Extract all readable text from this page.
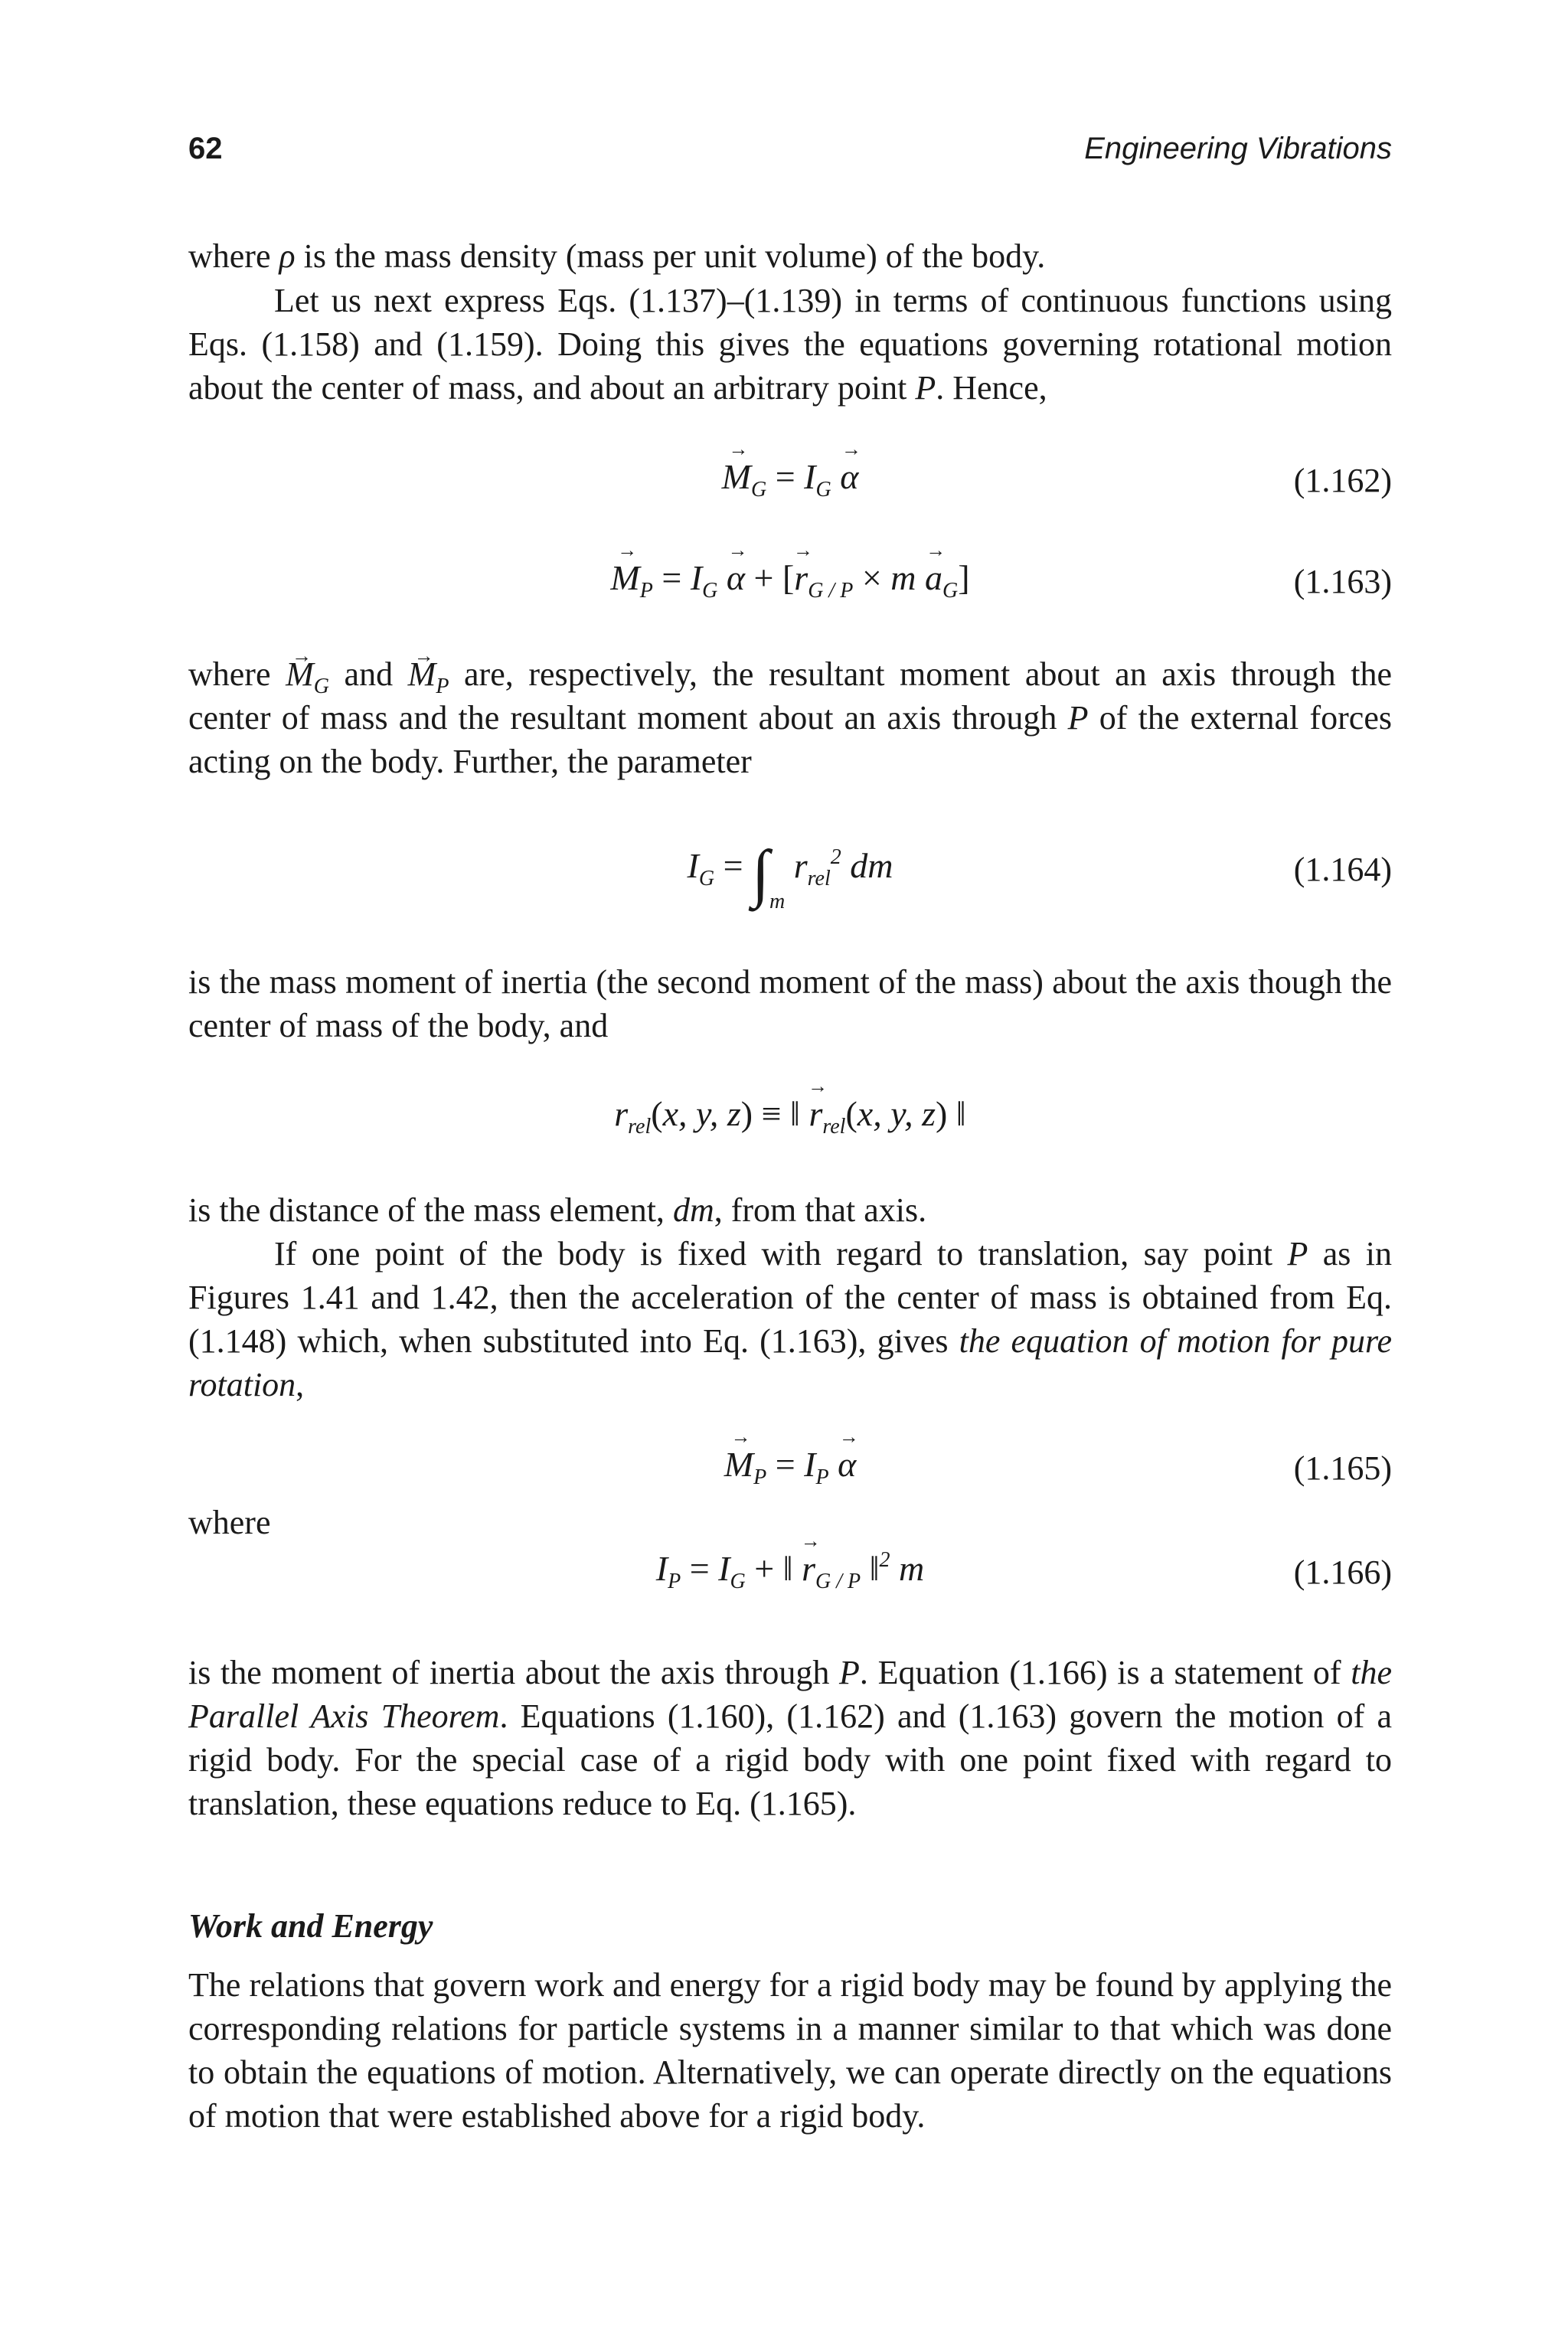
62	Engineering Vibrations

where ρ is the mass density (mass per unit volume) of the body.

Let us next express Eqs. (1.137)–(1.139) in terms of continuous functions using Eqs. (1.158) and (1.159). Doing this gives the equations governing rotational motion about the center of mass, and about an arbitrary point P. Hence,

→ $M_G = I_G \to \alpha$	(1.162)
→ $M_P = I_G \to \alpha$ + [→ $r_{G / P} \times m \to a_G$]	(1.163)

where → $M_G$ and → $M_P$ are, respectively, the resultant moment about an axis through the center of mass and the resultant moment about an axis through P of the external forces acting on the body. Further, the parameter

$I_G = \int_m$ $r_{rel}^2$ dm	(1.164)

is the mass moment of inertia (the second moment of the mass) about the axis though the center of mass of the body, and

$r_{rel}(x$, y, z) ≡ ‖ → $r_{rel}(x$, y, z) ‖

is the distance of the mass element, dm, from that axis.

If one point of the body is fixed with regard to translation, say point P as in Figures 1.41 and 1.42, then the acceleration of the center of mass is obtained from Eq. (1.148) which, when substituted into Eq. (1.163), gives the equation of motion for pure rotation,

→ $M_P = I_P \to \alpha$	(1.165)

where

$I_P = I_G$ + ‖ → $r_{G / P}$ ‖$^2$ m	(1.166)

is the moment of inertia about the axis through P. Equation (1.166) is a statement of the Parallel Axis Theorem. Equations (1.160), (1.162) and (1.163) govern the motion of a rigid body. For the special case of a rigid body with one point fixed with regard to translation, these equations reduce to Eq. (1.165).

Work and Energy

The relations that govern work and energy for a rigid body may be found by applying the corresponding relations for particle systems in a manner similar to that which was done to obtain the equations of motion. Alternatively, we can operate directly on the equations of motion that were established above for a rigid body.
